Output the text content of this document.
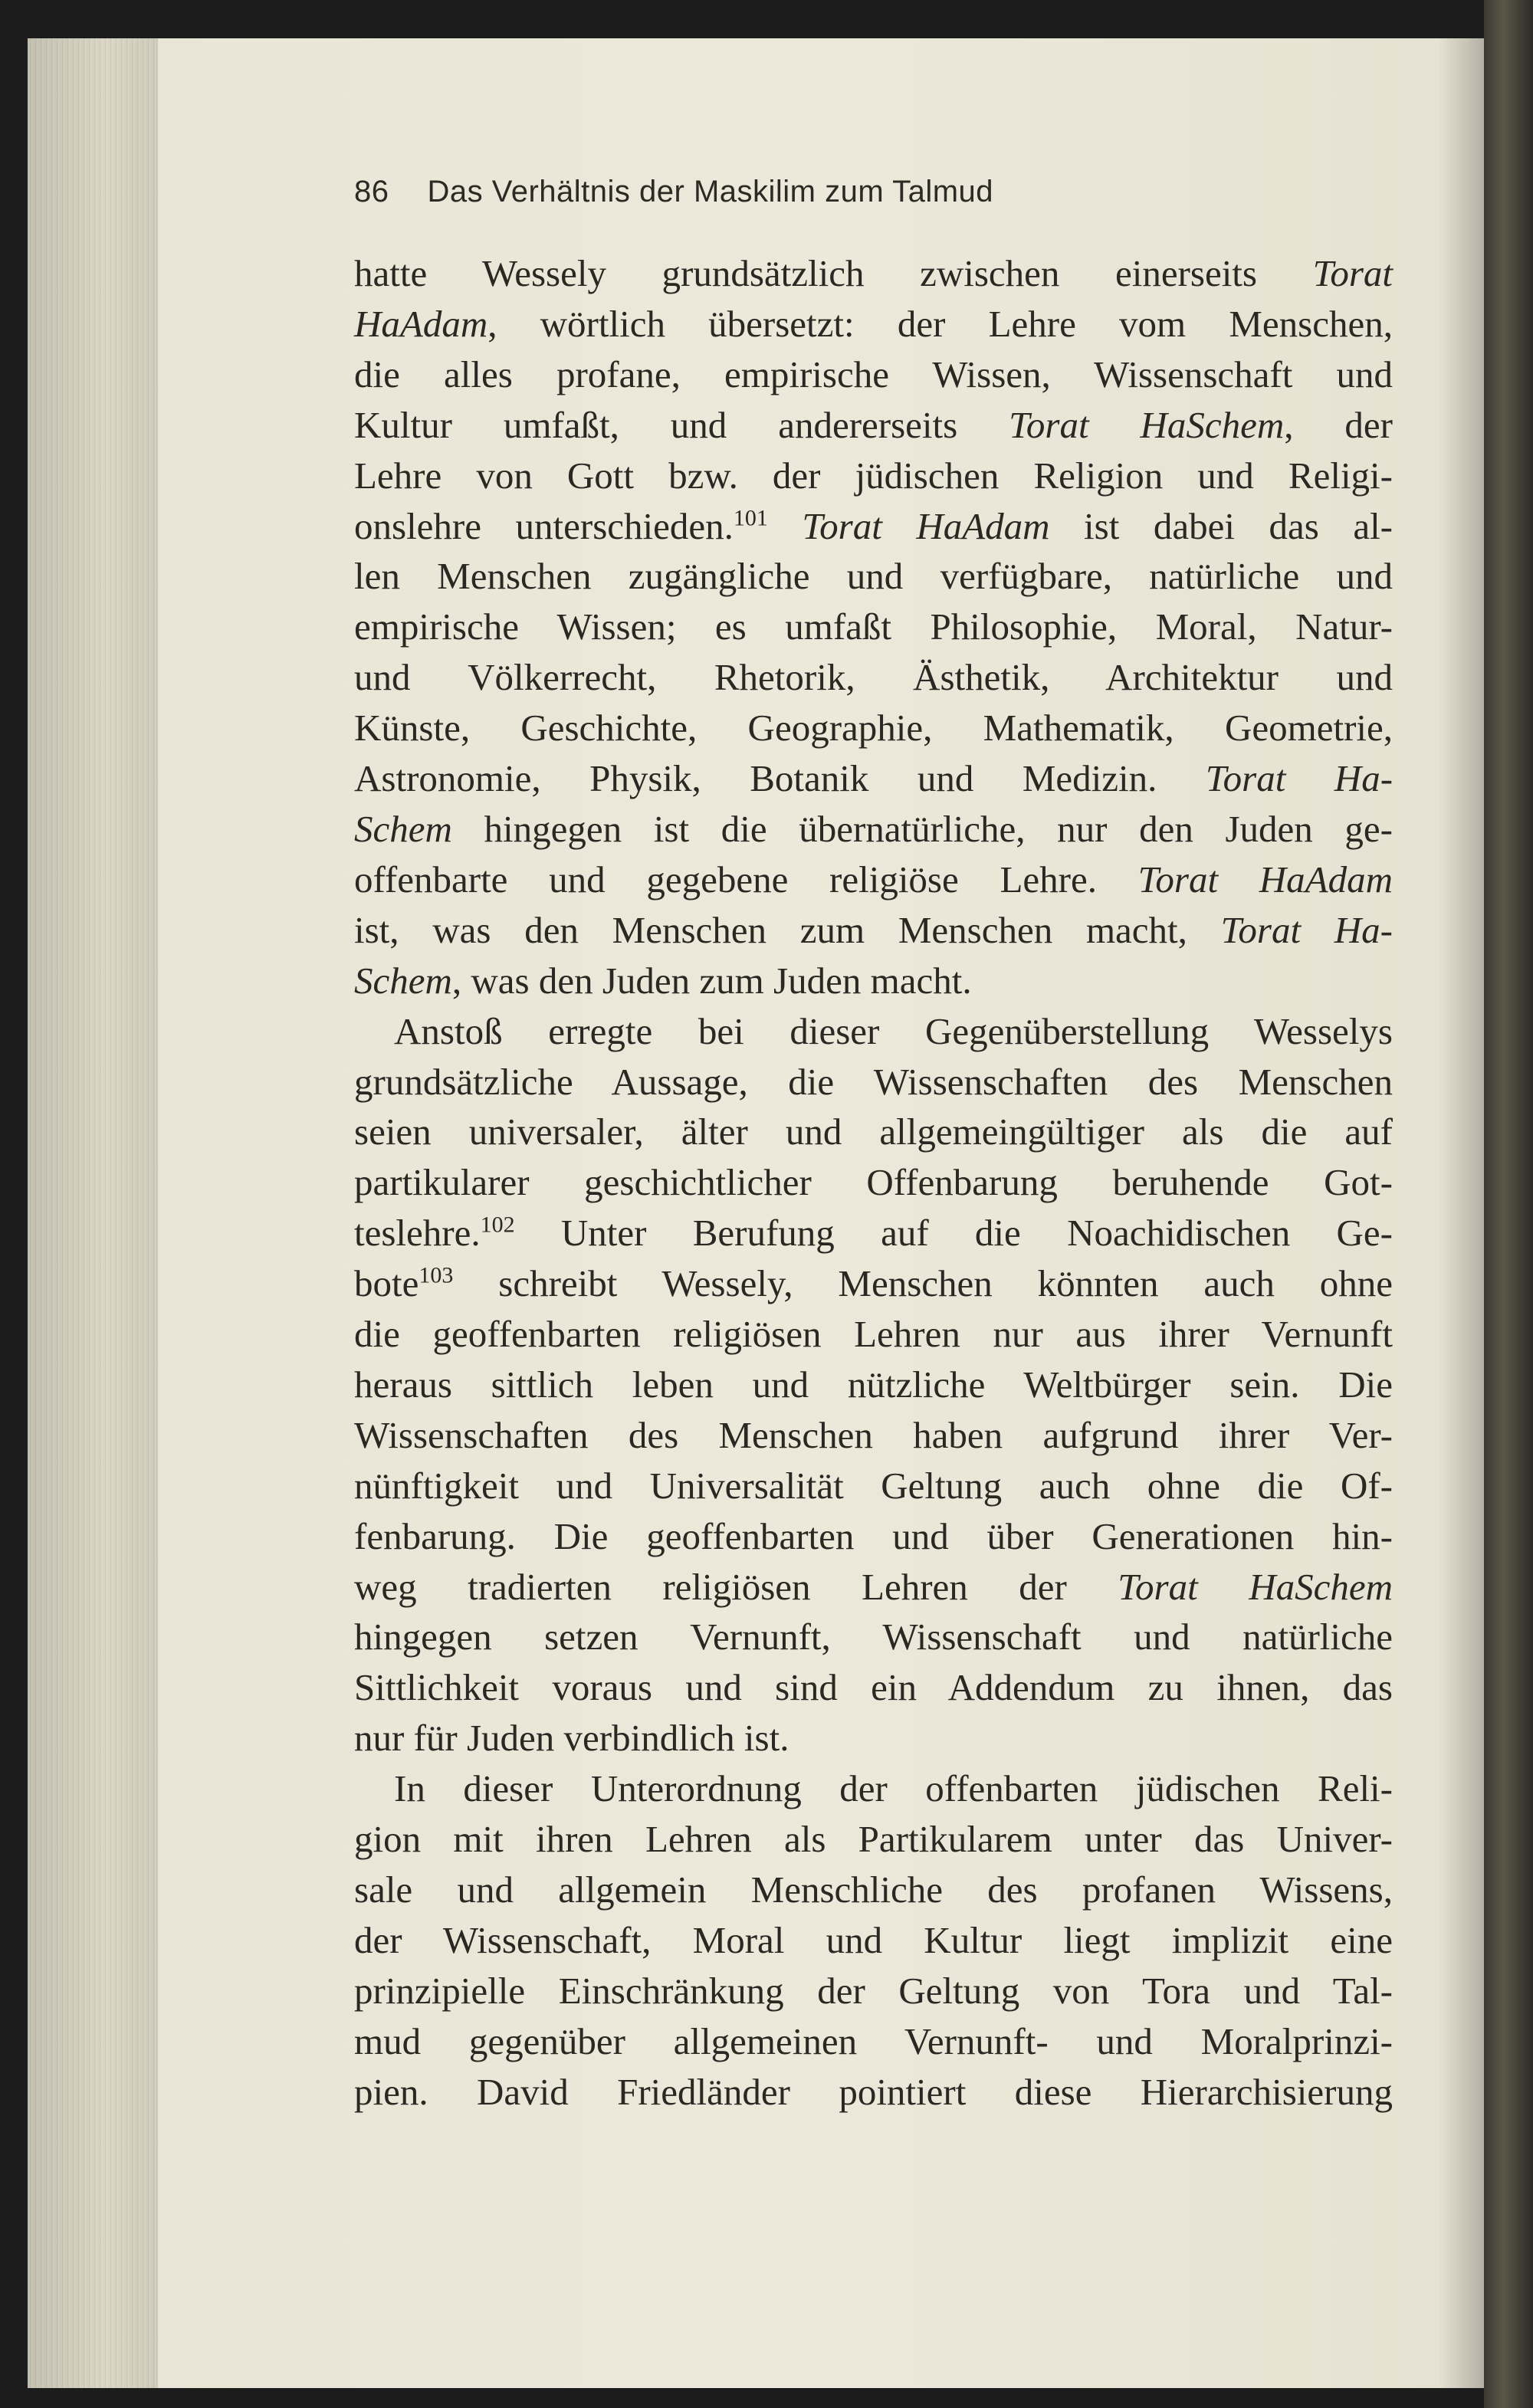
86 Das Verhältnis der Maskilim zum Talmud
hatte Wessely grundsätzlich zwischen einerseits Torat
HaAdam, wörtlich übersetzt: der Lehre vom Menschen,
die alles profane, empirische Wissen, Wissenschaft und
Kultur umfaßt, und andererseits Torat HaSchem, der
Lehre von Gott bzw. der jüdischen Religion und Religi-
onslehre unterschieden.$^{101}$ Torat HaAdam ist dabei das al-
len Menschen zugängliche und verfügbare, natürliche und
empirische Wissen; es umfaßt Philosophie, Moral, Natur-
und Völkerrecht, Rhetorik, Ästhetik, Architektur und
Künste, Geschichte, Geographie, Mathematik, Geometrie,
Astronomie, Physik, Botanik und Medizin. Torat Ha-
Schem hingegen ist die übernatürliche, nur den Juden ge-
offenbarte und gegebene religiöse Lehre. Torat HaAdam
ist, was den Menschen zum Menschen macht, Torat Ha-
Schem, was den Juden zum Juden macht.
Anstoß erregte bei dieser Gegenüberstellung Wesselys
grundsätzliche Aussage, die Wissenschaften des Menschen
seien universaler, älter und allgemeingültiger als die auf
partikularer geschichtlicher Offenbarung beruhende Got-
teslehre.$^{102}$ Unter Berufung auf die Noachidischen Ge-
bote$^{103}$ schreibt Wessely, Menschen könnten auch ohne
die geoffenbarten religiösen Lehren nur aus ihrer Vernunft
heraus sittlich leben und nützliche Weltbürger sein. Die
Wissenschaften des Menschen haben aufgrund ihrer Ver-
nünftigkeit und Universalität Geltung auch ohne die Of-
fenbarung. Die geoffenbarten und über Generationen hin-
weg tradierten religiösen Lehren der Torat HaSchem
hingegen setzen Vernunft, Wissenschaft und natürliche
Sittlichkeit voraus und sind ein Addendum zu ihnen, das
nur für Juden verbindlich ist.
In dieser Unterordnung der offenbarten jüdischen Reli-
gion mit ihren Lehren als Partikularem unter das Univer-
sale und allgemein Menschliche des profanen Wissens,
der Wissenschaft, Moral und Kultur liegt implizit eine
prinzipielle Einschränkung der Geltung von Tora und Tal-
mud gegenüber allgemeinen Vernunft- und Moralprinzi-
pien. David Friedländer pointiert diese Hierarchisierung
